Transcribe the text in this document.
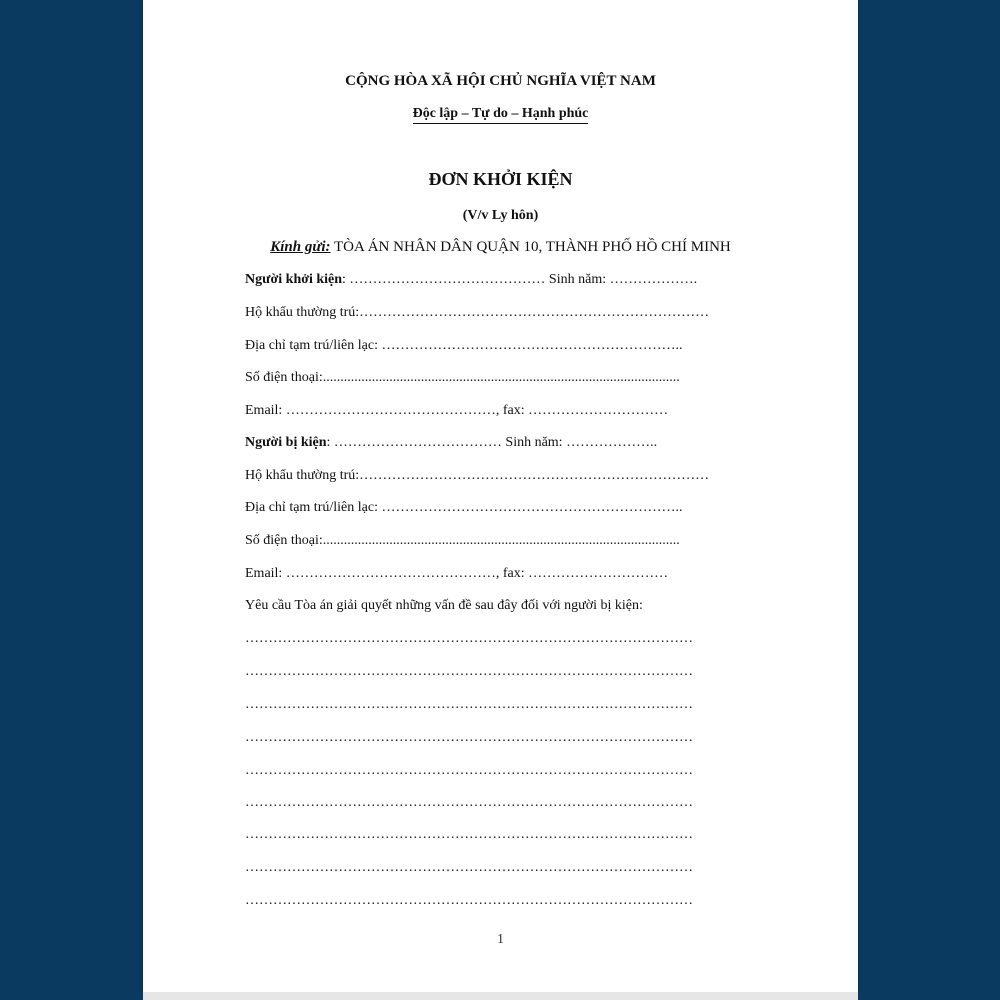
CỘNG HÒA XÃ HỘI CHỦ NGHĨA VIỆT NAM
Độc lập – Tự do – Hạnh phúc
ĐƠN KHỞI KIỆN
(V/v Ly hôn)
Kính gửi: TÒA ÁN NHÂN DÂN QUẬN 10, THÀNH PHỐ HỒ CHÍ MINH
Người khởi kiện: …………………………………… Sinh năm: ……………….
Hộ khẩu thường trú:…………………………………………………………………
Địa chỉ tạm trú/liên lạc: ………………………………………………………..
Số điện thoại:......................................................................................................
Email: ………………………………………, fax: …………………………
Người bị kiện: ……………………………… Sinh năm: ………………..
Hộ khẩu thường trú:…………………………………………………………………
Địa chỉ tạm trú/liên lạc: ………………………………………………………..
Số điện thoại:......................................................................................................
Email: ………………………………………, fax: …………………………
Yêu cầu Tòa án giải quyết những vấn đề sau đây đối với người bị kiện:
……………………………………………………………………………………
……………………………………………………………………………………
……………………………………………………………………………………
……………………………………………………………………………………
……………………………………………………………………………………
……………………………………………………………………………………
……………………………………………………………………………………
……………………………………………………………………………………
……………………………………………………………………………………
1
